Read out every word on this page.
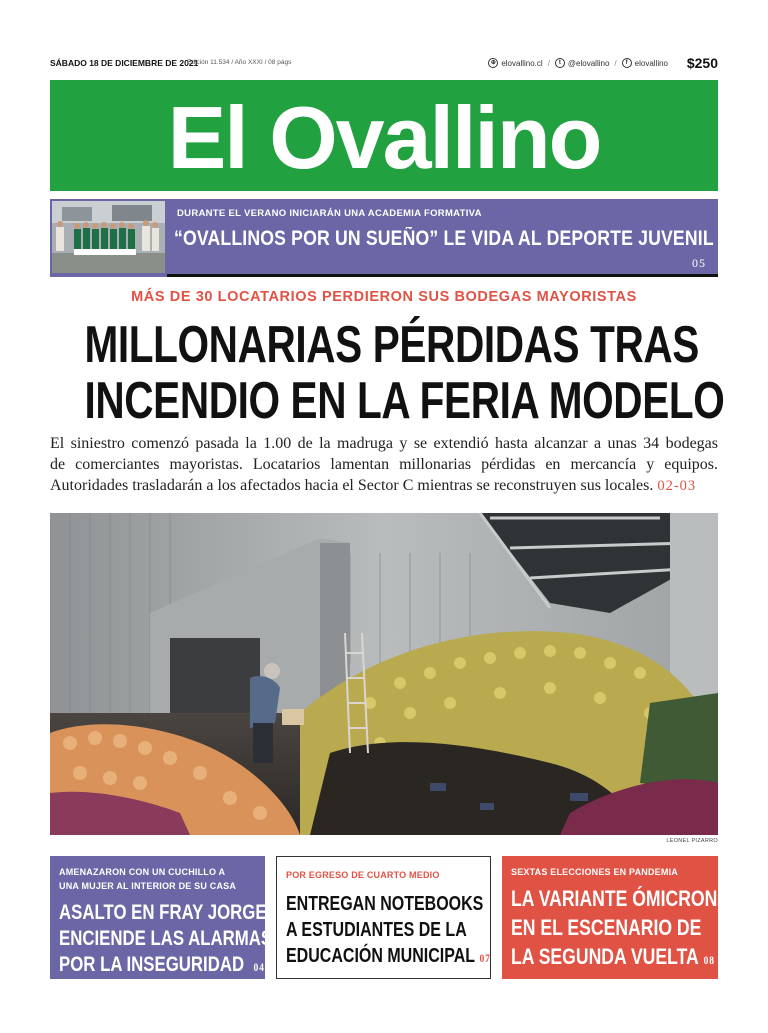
SÁBADO 18 DE DICIEMBRE DE 2021
Edición 11.534 / Año XXXI / 08 págs	⊕ elovallino.cl /	t @elovallino /	f elovallino $250
El Ovallino
DURANTE EL VERANO INICIARÁN UNA ACADEMIA FORMATIVA
“OVALLINOS POR UN SUEÑO” LE VIDA AL DEPORTE JUVENIL
05
MÁS DE 30 LOCATARIOS PERDIERON SUS BODEGAS MAYORISTAS
MILLONARIAS PÉRDIDAS TRAS
INCENDIO EN LA FERIA MODELO

El siniestro comenzó pasada la 1.00 de la madruga y se extendió hasta alcanzar a unas 34 bodegas
de comerciantes mayoristas. Locatarios lamentan millonarias pérdidas en mercancía y equipos.
Autoridades trasladarán a los afectados hacia el Sector C mientras se reconstruyen sus locales. 02-03

LEONEL PIZARRO
AMENAZARON CON UN CUCHILLO A
UNA MUJER AL INTERIOR DE SU CASA
ASALTO EN FRAY JORGE
ENCIENDE LAS ALARMAS
POR LA INSEGURIDAD 04
POR EGRESO DE CUARTO MEDIO
ENTREGAN NOTEBOOKS
A ESTUDIANTES DE LA
EDUCACIÓN MUNICIPAL 07
SEXTAS ELECCIONES EN PANDEMIA
LA VARIANTE ÓMICRON
EN EL ESCENARIO DE
LA SEGUNDA VUELTA 08
